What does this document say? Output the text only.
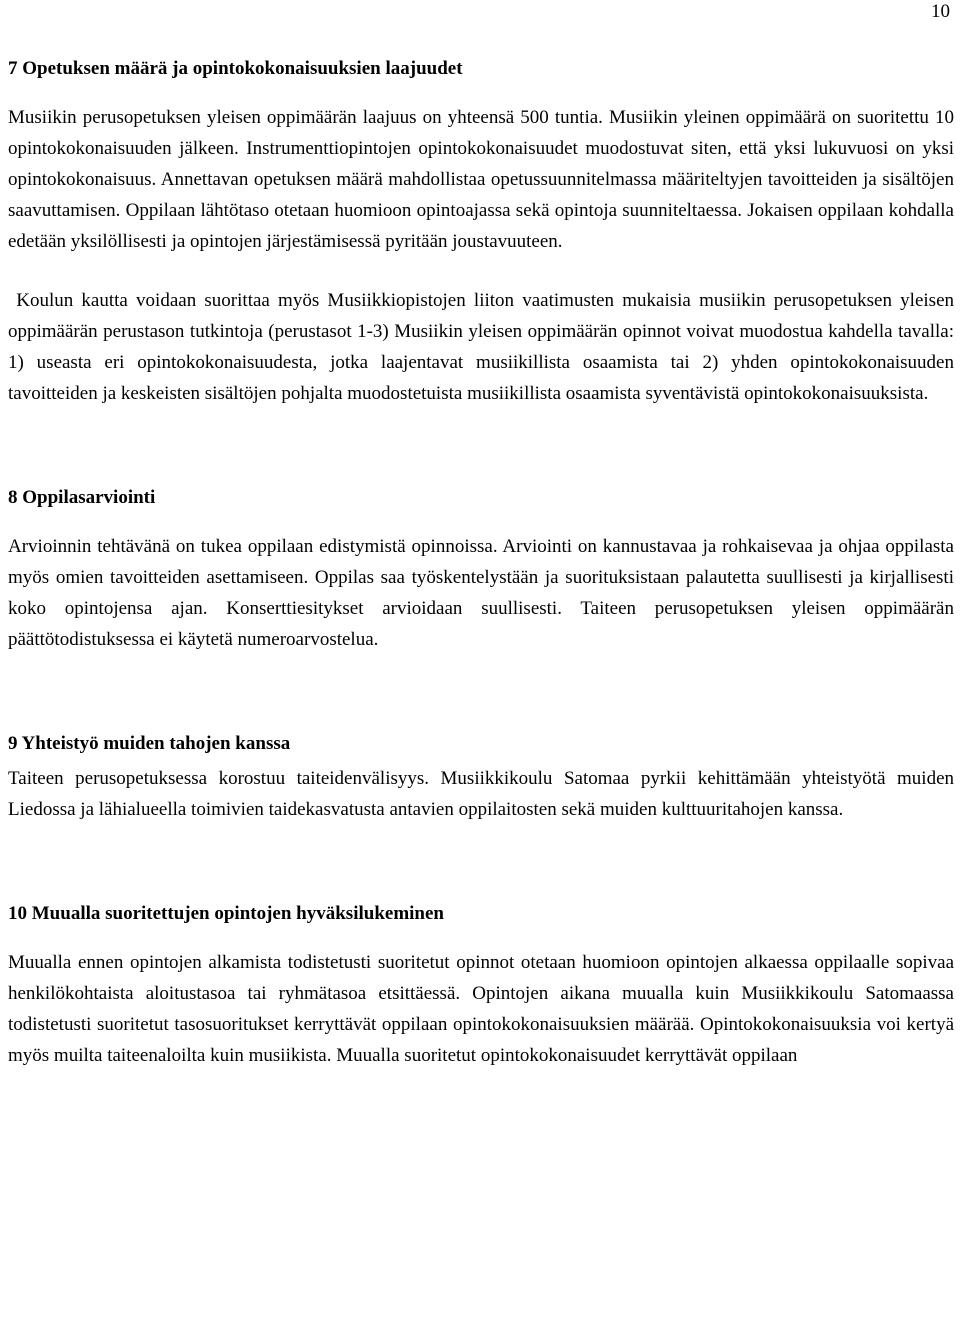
10
7 Opetuksen määrä ja opintokokonaisuuksien laajuudet

Musiikin perusopetuksen yleisen oppimäärän laajuus on yhteensä 500 tuntia. Musiikin yleinen oppimäärä on suoritettu 10 opintokokonaisuuden jälkeen. Instrumenttiopintojen opintokokonaisuudet muodostuvat siten, että yksi lukuvuosi on yksi opintokokonaisuus. Annettavan opetuksen määrä mahdollistaa opetussuunnitelmassa määriteltyjen tavoitteiden ja sisältöjen saavuttamisen. Oppilaan lähtötaso otetaan huomioon opintoajassa sekä opintoja suunniteltaessa. Jokaisen oppilaan kohdalla edetään yksilöllisesti ja opintojen järjestämisessä pyritään joustavuuteen.

Koulun kautta voidaan suorittaa myös Musiikkiopistojen liiton vaatimusten mukaisia musiikin perusopetuksen yleisen oppimäärän perustason tutkintoja (perustasot 1-3) Musiikin yleisen oppimäärän opinnot voivat muodostua kahdella tavalla: 1) useasta eri opintokokonaisuudesta, jotka laajentavat musiikillista osaamista tai 2) yhden opintokokonaisuuden tavoitteiden ja keskeisten sisältöjen pohjalta muodostetuista musiikillista osaamista syventävistä opintokokonaisuuksista.

8 Oppilasarviointi

Arvioinnin tehtävänä on tukea oppilaan edistymistä opinnoissa. Arviointi on kannustavaa ja rohkaisevaa ja ohjaa oppilasta myös omien tavoitteiden asettamiseen. Oppilas saa työskentelystään ja suorituksistaan palautetta suullisesti ja kirjallisesti koko opintojensa ajan. Konserttiesitykset arvioidaan suullisesti. Taiteen perusopetuksen yleisen oppimäärän päättötodistuksessa ei käytetä numeroarvostelua.

9 Yhteistyö muiden tahojen kanssa

Taiteen perusopetuksessa korostuu taiteidenvälisyys. Musiikkikoulu Satomaa pyrkii kehittämään yhteistyötä muiden Liedossa ja lähialueella toimivien taidekasvatusta antavien oppilaitosten sekä muiden kulttuuritahojen kanssa.

10 Muualla suoritettujen opintojen hyväksilukeminen

Muualla ennen opintojen alkamista todistetusti suoritetut opinnot otetaan huomioon opintojen alkaessa oppilaalle sopivaa henkilökohtaista aloitustasoa tai ryhmätasoa etsittäessä. Opintojen aikana muualla kuin Musiikkikoulu Satomaassa todistetusti suoritetut tasosuoritukset kerryttävät oppilaan opintokokonaisuuksien määrää. Opintokokonaisuuksia voi kertyä myös muilta taiteenaloilta kuin musiikista. Muualla suoritetut opintokokonaisuudet kerryttävät oppilaan
